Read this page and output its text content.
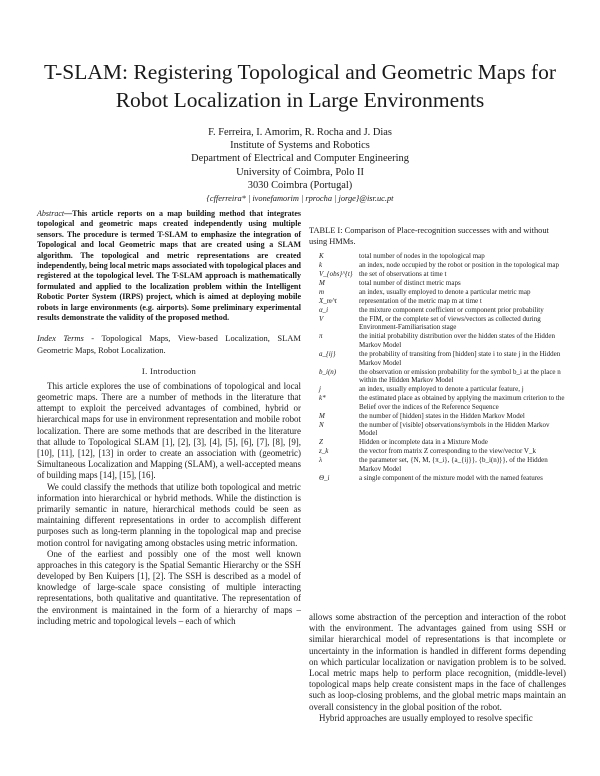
T-SLAM: Registering Topological and Geometric Maps for Robot Localization in Large Environments
F. Ferreira, I. Amorim, R. Rocha and J. Dias
Institute of Systems and Robotics
Department of Electrical and Computer Engineering
University of Coimbra, Polo II
3030 Coimbra (Portugal)
{cfferreira* | ivonefamorim | rprocha | jorge}@isr.uc.pt

Abstract—This article reports on a map building method that integrates topological and geometric maps created independently using multiple sensors. The procedure is termed T-SLAM to emphasize the integration of Topological and local Geometric maps that are created using a SLAM algorithm. The topological and metric representations are created independently, being local metric maps associated with topological places and registered at the topological level. The T-SLAM approach is mathematically formulated and applied to the localization problem within the Intelligent Robotic Porter System (IRPS) project, which is aimed at deploying mobile robots in large environments (e.g. airports). Some preliminary experimental results demonstrate the validity of the proposed method.

Index Terms - Topological Maps, View-based Localization, SLAM Geometric Maps, Robot Localization.

I. Introduction

This article explores the use of combinations of topological and local geometric maps. There are a number of methods in the literature that attempt to exploit the perceived advantages of combined, hybrid or hierarchical maps for use in environment representation and mobile robot localization. There are some methods that are described in the literature that allude to Topological SLAM [1], [2], [3], [4], [5], [6], [7], [8], [9], [10], [11], [12], [13] in order to create an association with (geometric) Simultaneous Localization and Mapping (SLAM), a well-accepted means of building maps [14], [15], [16].

We could classify the methods that utilize both topological and metric information into hierarchical or hybrid methods. While the distinction is primarily semantic in nature, hierarchical methods could be seen as maintaining different representations in order to accomplish different purposes such as long-term planning in the topological map and precise motion control for navigating among obstacles using metric information.

One of the earliest and possibly one of the most well known approaches in this category is the Spatial Semantic Hierarchy or the SSH developed by Ben Kuipers [1], [2]. The SSH is described as a model of knowledge of large-scale space consisting of multiple interacting representations, both qualitative and quantitative. The representation of the environment is maintained in the form of a hierarchy of maps – including metric and topological levels – each of which

TABLE I: Comparison of Place-recognition successes with and without using HMMs.
K	total number of nodes in the topological map
k	an index, node occupied by the robot or position in the topological map
V_{obs}^{t}	the set of observations at time t
M	total number of distinct metric maps
m	an index, usually employed to denote a particular metric map
X_m^t	representation of the metric map m at time t
α_i	the mixture component coefficient or component prior probability
V	the FIM, or the complete set of views/vectors as collected during Environment-Familiarisation stage
π	the initial probability distribution over the hidden states of the Hidden Markov Model
a_{ij}	the probability of transiting from [hidden] state i to state j in the Hidden Markov Model
b_i(n)	the observation or emission probability for the symbol b_i at the place n within the Hidden Markov Model
j	an index, usually employed to denote a particular feature, j
k*	the estimated place as obtained by applying the maximum criterion to the Belief over the indices of the Reference Sequence
M	the number of [hidden] states in the Hidden Markov Model
N	the number of [visible] observations/symbols in the Hidden Markov Model
Z	Hidden or incomplete data in a Mixture Mode
z_k	the vector from matrix Z corresponding to the view/vector V_k
λ	the parameter set, {N, M, {π_i}, {a_{ij}}, {b_i(n)}}, of the Hidden Markov Model
Θ_i	a single component of the mixture model with the named features

allows some abstraction of the perception and interaction of the robot with the environment. The advantages gained from using SSH or similar hierarchical model of representations is that incomplete or uncertainty in the information is handled in different forms depending on which particular localization or navigation problem is to be solved. Local metric maps help to perform place recognition, (middle-level) topological maps help create consistent maps in the face of challenges such as loop-closing problems, and the global metric maps maintain an overall consistency in the global position of the robot.

Hybrid approaches are usually employed to resolve specific
